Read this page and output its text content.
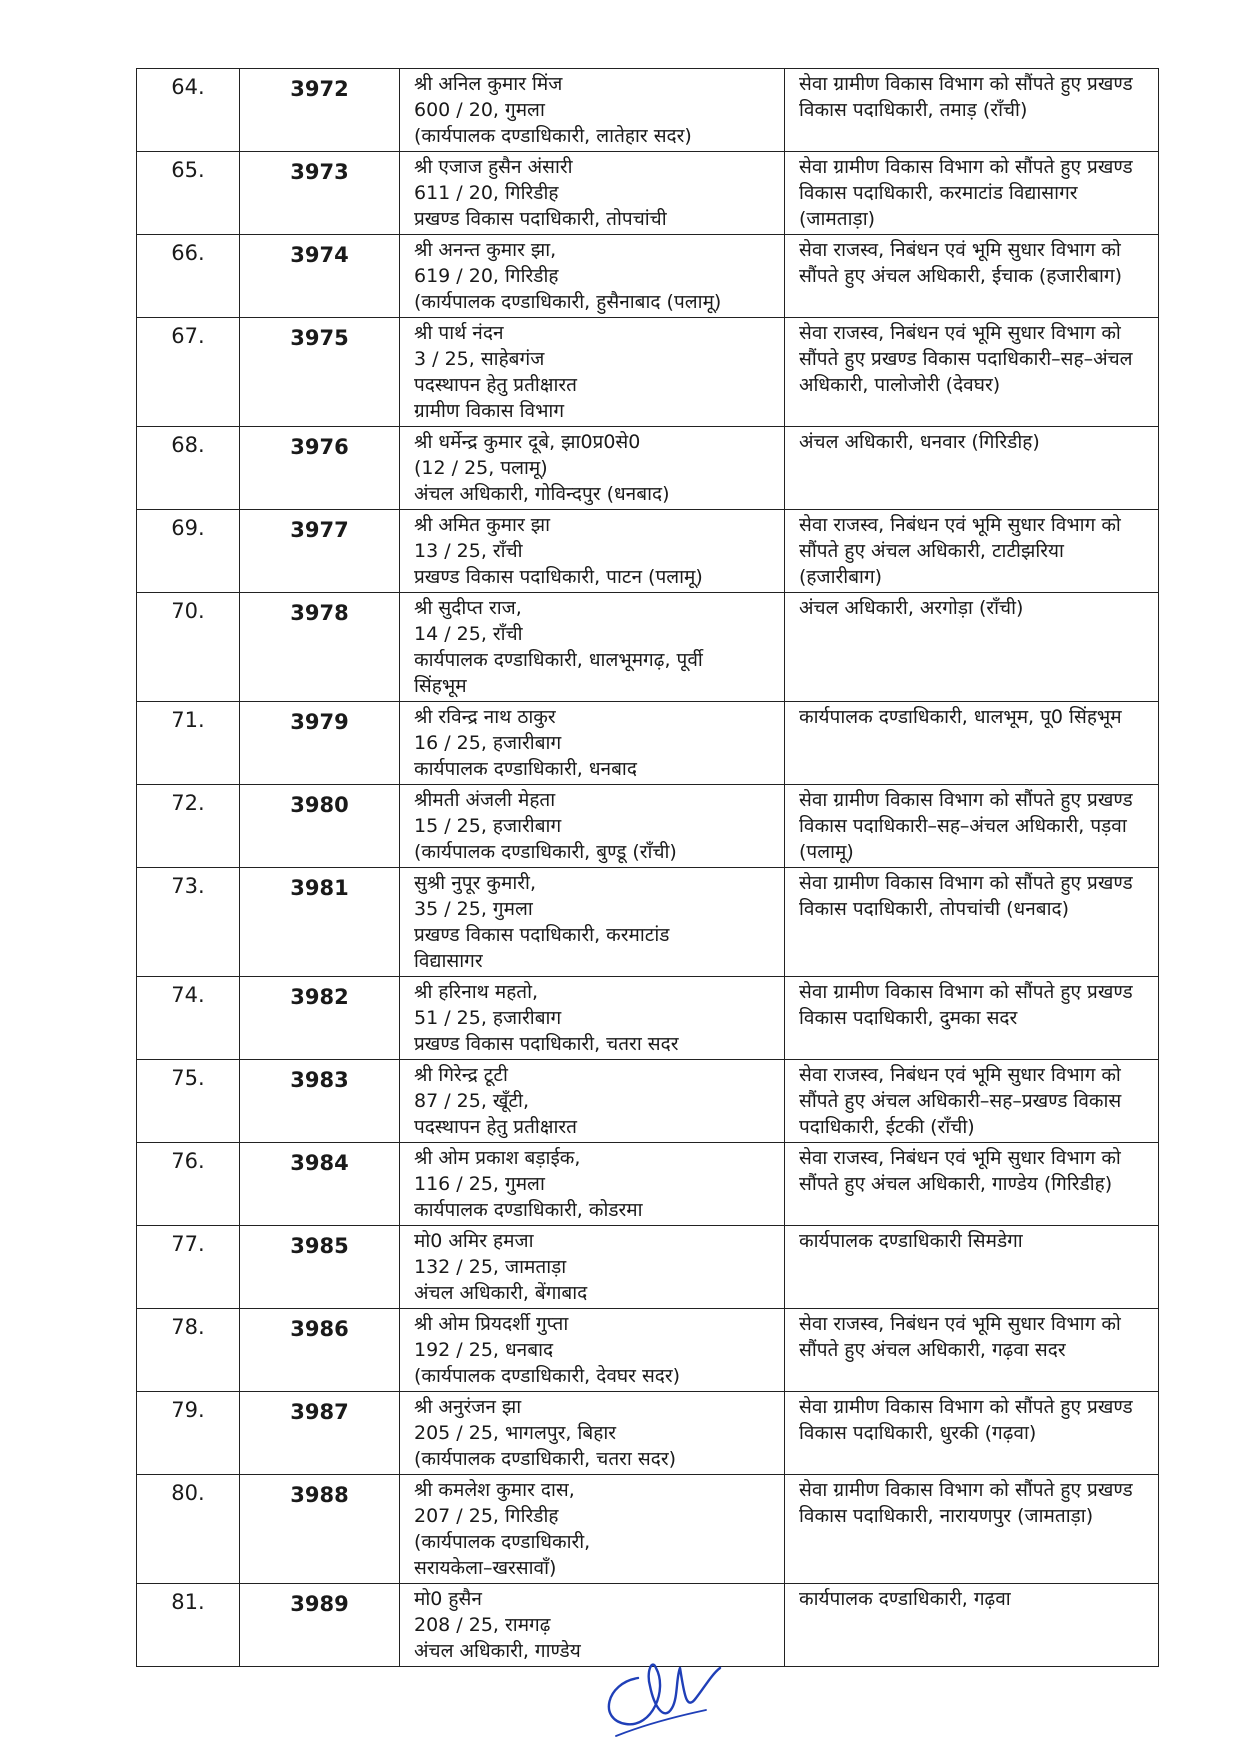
64.	3972	श्री अनिल कुमार मिंज
600 / 20, गुमला
(कार्यपालक दण्डाधिकारी, लातेहार सदर)	सेवा ग्रामीण विकास विभाग को सौंपते हुए प्रखण्ड विकास पदाधिकारी, तमाड़ (राँची)

65.	3973	श्री एजाज हुसैन अंसारी
611 / 20, गिरिडीह
प्रखण्ड विकास पदाधिकारी, तोपचांची	सेवा ग्रामीण विकास विभाग को सौंपते हुए प्रखण्ड विकास पदाधिकारी, करमाटांड विद्यासागर (जामताड़ा)

66.	3974	श्री अनन्त कुमार झा,
619 / 20, गिरिडीह
(कार्यपालक दण्डाधिकारी, हुसैनाबाद (पलामू)	सेवा राजस्व, निबंधन एवं भूमि सुधार विभाग को सौंपते हुए अंचल अधिकारी, ईचाक (हजारीबाग)

67.	3975	श्री पार्थ नंदन
3 / 25, साहेबगंज
पदस्थापन हेतु प्रतीक्षारत
ग्रामीण विकास विभाग	सेवा राजस्व, निबंधन एवं भूमि सुधार विभाग को सौंपते हुए प्रखण्ड विकास पदाधिकारी–सह–अंचल अधिकारी, पालोजोरी (देवघर)

68.	3976	श्री धर्मेन्द्र कुमार दूबे, झा0प्र0से0
(12 / 25, पलामू)
अंचल अधिकारी, गोविन्दपुर (धनबाद)	अंचल अधिकारी, धनवार (गिरिडीह)

69.	3977	श्री अमित कुमार झा
13 / 25, राँची
प्रखण्ड विकास पदाधिकारी, पाटन (पलामू)	सेवा राजस्व, निबंधन एवं भूमि सुधार विभाग को सौंपते हुए अंचल अधिकारी, टाटीझरिया (हजारीबाग)

70.	3978	श्री सुदीप्त राज,
14 / 25, राँची
कार्यपालक दण्डाधिकारी, धालभूमगढ़, पूर्वी
सिंहभूम	अंचल अधिकारी, अरगोड़ा (राँची)

71.	3979	श्री रविन्द्र नाथ ठाकुर
16 / 25, हजारीबाग
कार्यपालक दण्डाधिकारी, धनबाद	कार्यपालक दण्डाधिकारी, धालभूम, पू0 सिंहभूम

72.	3980	श्रीमती अंजली मेहता
15 / 25, हजारीबाग
(कार्यपालक दण्डाधिकारी, बुण्डू (राँची)	सेवा ग्रामीण विकास विभाग को सौंपते हुए प्रखण्ड विकास पदाधिकारी–सह–अंचल अधिकारी, पड़वा (पलामू)

73.	3981	सुश्री नुपूर कुमारी,
35 / 25, गुमला
प्रखण्ड विकास पदाधिकारी, करमाटांड
विद्यासागर	सेवा ग्रामीण विकास विभाग को सौंपते हुए प्रखण्ड विकास पदाधिकारी, तोपचांची (धनबाद)

74.	3982	श्री हरिनाथ महतो,
51 / 25, हजारीबाग
प्रखण्ड विकास पदाधिकारी, चतरा सदर	सेवा ग्रामीण विकास विभाग को सौंपते हुए प्रखण्ड विकास पदाधिकारी, दुमका सदर

75.	3983	श्री गिरेन्द्र टूटी
87 / 25, खूँटी,
पदस्थापन हेतु प्रतीक्षारत	सेवा राजस्व, निबंधन एवं भूमि सुधार विभाग को सौंपते हुए अंचल अधिकारी–सह–प्रखण्ड विकास पदाधिकारी, ईटकी (राँची)

76.	3984	श्री ओम प्रकाश बड़ाईक,
116 / 25, गुमला
कार्यपालक दण्डाधिकारी, कोडरमा	सेवा राजस्व, निबंधन एवं भूमि सुधार विभाग को सौंपते हुए अंचल अधिकारी, गाण्डेय (गिरिडीह)

77.	3985	मो0 अमिर हमजा
132 / 25, जामताड़ा
अंचल अधिकारी, बेंगाबाद	कार्यपालक दण्डाधिकारी सिमडेगा

78.	3986	श्री ओम प्रियदर्शी गुप्ता
192 / 25, धनबाद
(कार्यपालक दण्डाधिकारी, देवघर सदर)	सेवा राजस्व, निबंधन एवं भूमि सुधार विभाग को सौंपते हुए अंचल अधिकारी, गढ़वा सदर

79.	3987	श्री अनुरंजन झा
205 / 25, भागलपुर, बिहार
(कार्यपालक दण्डाधिकारी, चतरा सदर)	सेवा ग्रामीण विकास विभाग को सौंपते हुए प्रखण्ड विकास पदाधिकारी, धुरकी (गढ़वा)

80.	3988	श्री कमलेश कुमार दास,
207 / 25, गिरिडीह
(कार्यपालक दण्डाधिकारी,
सरायकेला–खरसावाँ)	सेवा ग्रामीण विकास विभाग को सौंपते हुए प्रखण्ड विकास पदाधिकारी, नारायणपुर (जामताड़ा)

81.	3989	मो0 हुसैन
208 / 25, रामगढ़
अंचल अधिकारी, गाण्डेय	कार्यपालक दण्डाधिकारी, गढ़वा
